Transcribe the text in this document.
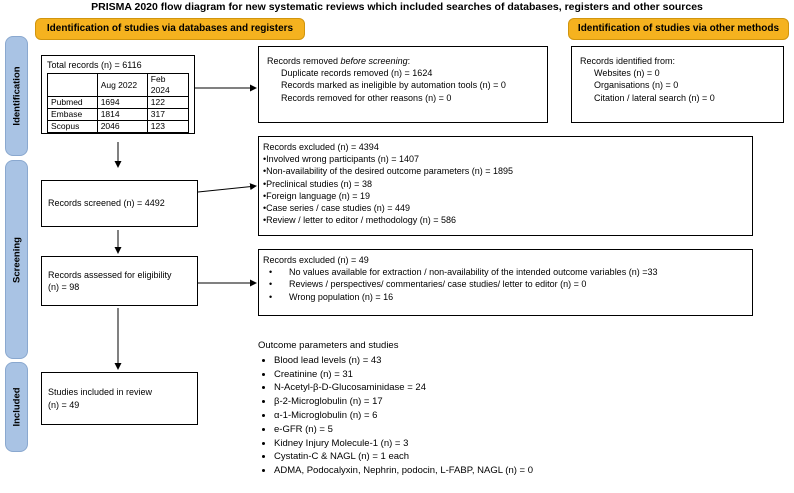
PRISMA 2020 flow diagram for new systematic reviews which included searches of databases, registers and other sources
Identification of studies via databases and registers	Identification of studies via other methods
Identification
Screening
Included
Total records (n) = 6116
	Aug 2022	Feb 2024
Pubmed	1694	122
Embase	1814	317
Scopus	2046	123
Records removed before screening:
Duplicate records removed (n) = 1624
Records marked as ineligible by automation tools (n) = 0
Records removed for other reasons (n) = 0
Records identified from:
Websites (n) = 0
Organisations (n) = 0
Citation / lateral search (n) = 0
Records screened (n) = 4492
Records excluded (n) = 4394
•Involved wrong participants (n) = 1407
•Non-availability of the desired outcome parameters (n) = 1895
•Preclinical studies (n) = 38
•Foreign language (n) = 19
•Case series / case studies (n) = 449
•Review / letter to editor / methodology (n) = 586
Records assessed for eligibility
(n) = 98
Records excluded (n) = 49
• No values available for extraction / non-availability of the intended outcome variables (n) =33
• Reviews / perspectives/ commentaries/ case studies/ letter to editor (n) = 0
• Wrong population (n) = 16
Studies included in review
(n) = 49
Outcome parameters and studies
• Blood lead levels (n) = 43
• Creatinine (n) = 31
• N-Acetyl-β-D-Glucosaminidase = 24
• β-2-Microglobulin (n) = 17
• α-1-Microglobulin (n) = 6
• e-GFR (n) = 5
• Kidney Injury Molecule-1 (n) = 3
• Cystatin-C & NAGL (n) = 1 each
• ADMA, Podocalyxin, Nephrin, podocin, L-FABP, NAGL (n) = 0
